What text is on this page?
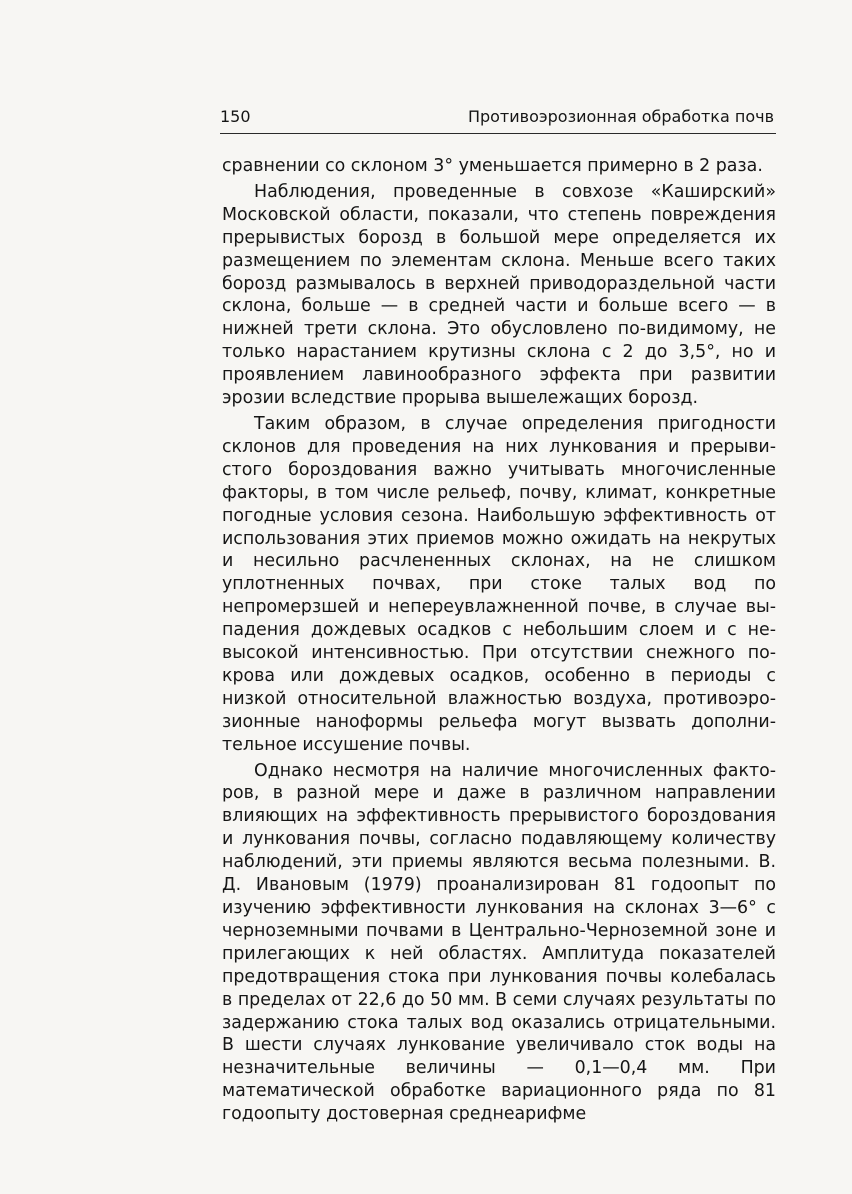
150	Противоэрозионная обработка почв

сравнении со склоном 3° уменьшается примерно в 2 раза.

Наблюдения, проведенные в совхозе «Каширский» Московской области, показали, что степень повреждения прерывистых борозд в большой мере определяется их размещением по элементам склона. Меньше всего таких борозд размывалось в верхней приводораздельной части склона, больше — в средней части и больше всего — в нижней трети склона. Это обусловлено по-видимому, не только нарастанием крутизны склона с 2 до 3,5°, но и проявлением лавинообразного эффекта при развитии эрозии вследствие прорыва вышележащих борозд.

Таким образом, в случае определения пригодности склонов для проведения на них лункования и прерывистого бороздования важно учитывать многочисленные факторы, в том числе рельеф, почву, климат, конкретные погодные условия сезона. Наибольшую эффективность от использования этих приемов можно ожидать на некрутых и несильно расчлененных склонах, на не слишком уплотненных почвах, при стоке талых вод по непромерзшей и непереувлажненной почве, в случае выпадения дождевых осадков с небольшим слоем и с невысокой интенсивностью. При отсутствии снежного покрова или дождевых осадков, особенно в периоды с низкой относительной влажностью воздуха, противоэрозионные наноформы рельефа могут вызвать дополнительное иссушение почвы.

Однако несмотря на наличие многочисленных факторов, в разной мере и даже в различном направлении влияющих на эффективность прерывистого бороздования и лункования почвы, согласно подавляющему количеству наблюдений, эти приемы являются весьма полезными. В. Д. Ивановым (1979) проанализирован 81 годоопыт по изучению эффективности лункования на склонах 3—6° с черноземными почвами в Центрально-Черноземной зоне и прилегающих к ней областях. Амплитуда показателей предотвращения стока при лункования почвы колебалась в пределах от 22,6 до 50 мм. В семи случаях результаты по задержанию стока талых вод оказались отрицательными. В шести случаях лункование увеличивало сток воды на незначительные величины — 0,1—0,4 мм. При математической обработке вариационного ряда по 81 годоопыту достоверная среднеарифме
